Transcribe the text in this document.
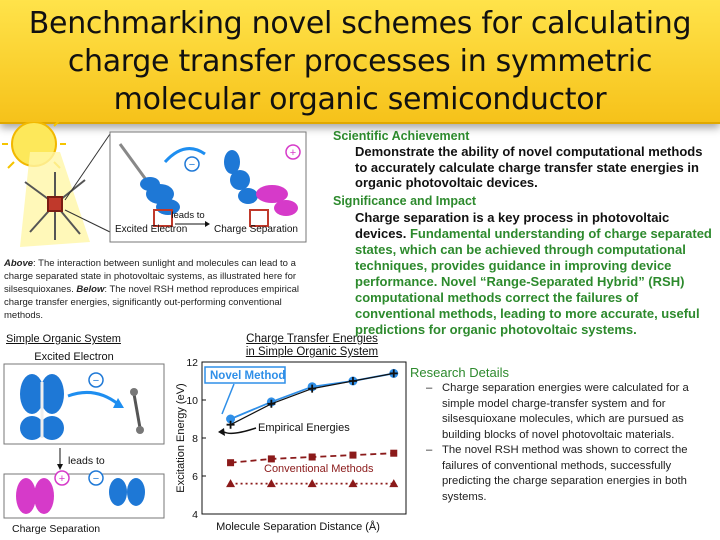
Benchmarking novel schemes for calculating
charge transfer processes in symmetric
molecular organic semiconductor
−
+
Excited Electron
leads to
Charge Separation
Above: The interaction between sunlight and molecules can lead to a charge separated state in photovoltaic systems, as illustrated here for silsesquioxanes. Below: The novel RSH method reproduces empirical charge transfer energies, significantly out-performing conventional methods.
Simple Organic System
Excited Electron
−
leads to
+	−
Charge Separation
Charge Transfer Energies
in Simple Organic System
Excitation Energy (eV)
Molecule Separation Distance (Å)
4
6
8
10
12
Novel Method
Empirical Energies
Conventional Methods
Scientific Achievement
Demonstrate the ability of novel computational methods to accurately calculate charge transfer state energies in organic photovoltaic devices.
Significance and Impact
Charge separation is a key process in photovoltaic devices. Fundamental understanding of charge separated states, which can be achieved through computational techniques, provides guidance in improving device performance. Novel “Range-Separated Hybrid” (RSH) computational methods correct the failures of conventional methods, leading to more accurate, useful predictions for organic photovoltaic systems.
Research Details
– Charge separation energies were calculated for a simple model charge-transfer system and for silsesquioxane molecules, which are pursued as building blocks of novel photovoltaic materials.
– The novel RSH method was shown to correct the failures of conventional methods, successfully predicting the charge separation energies in both systems.
